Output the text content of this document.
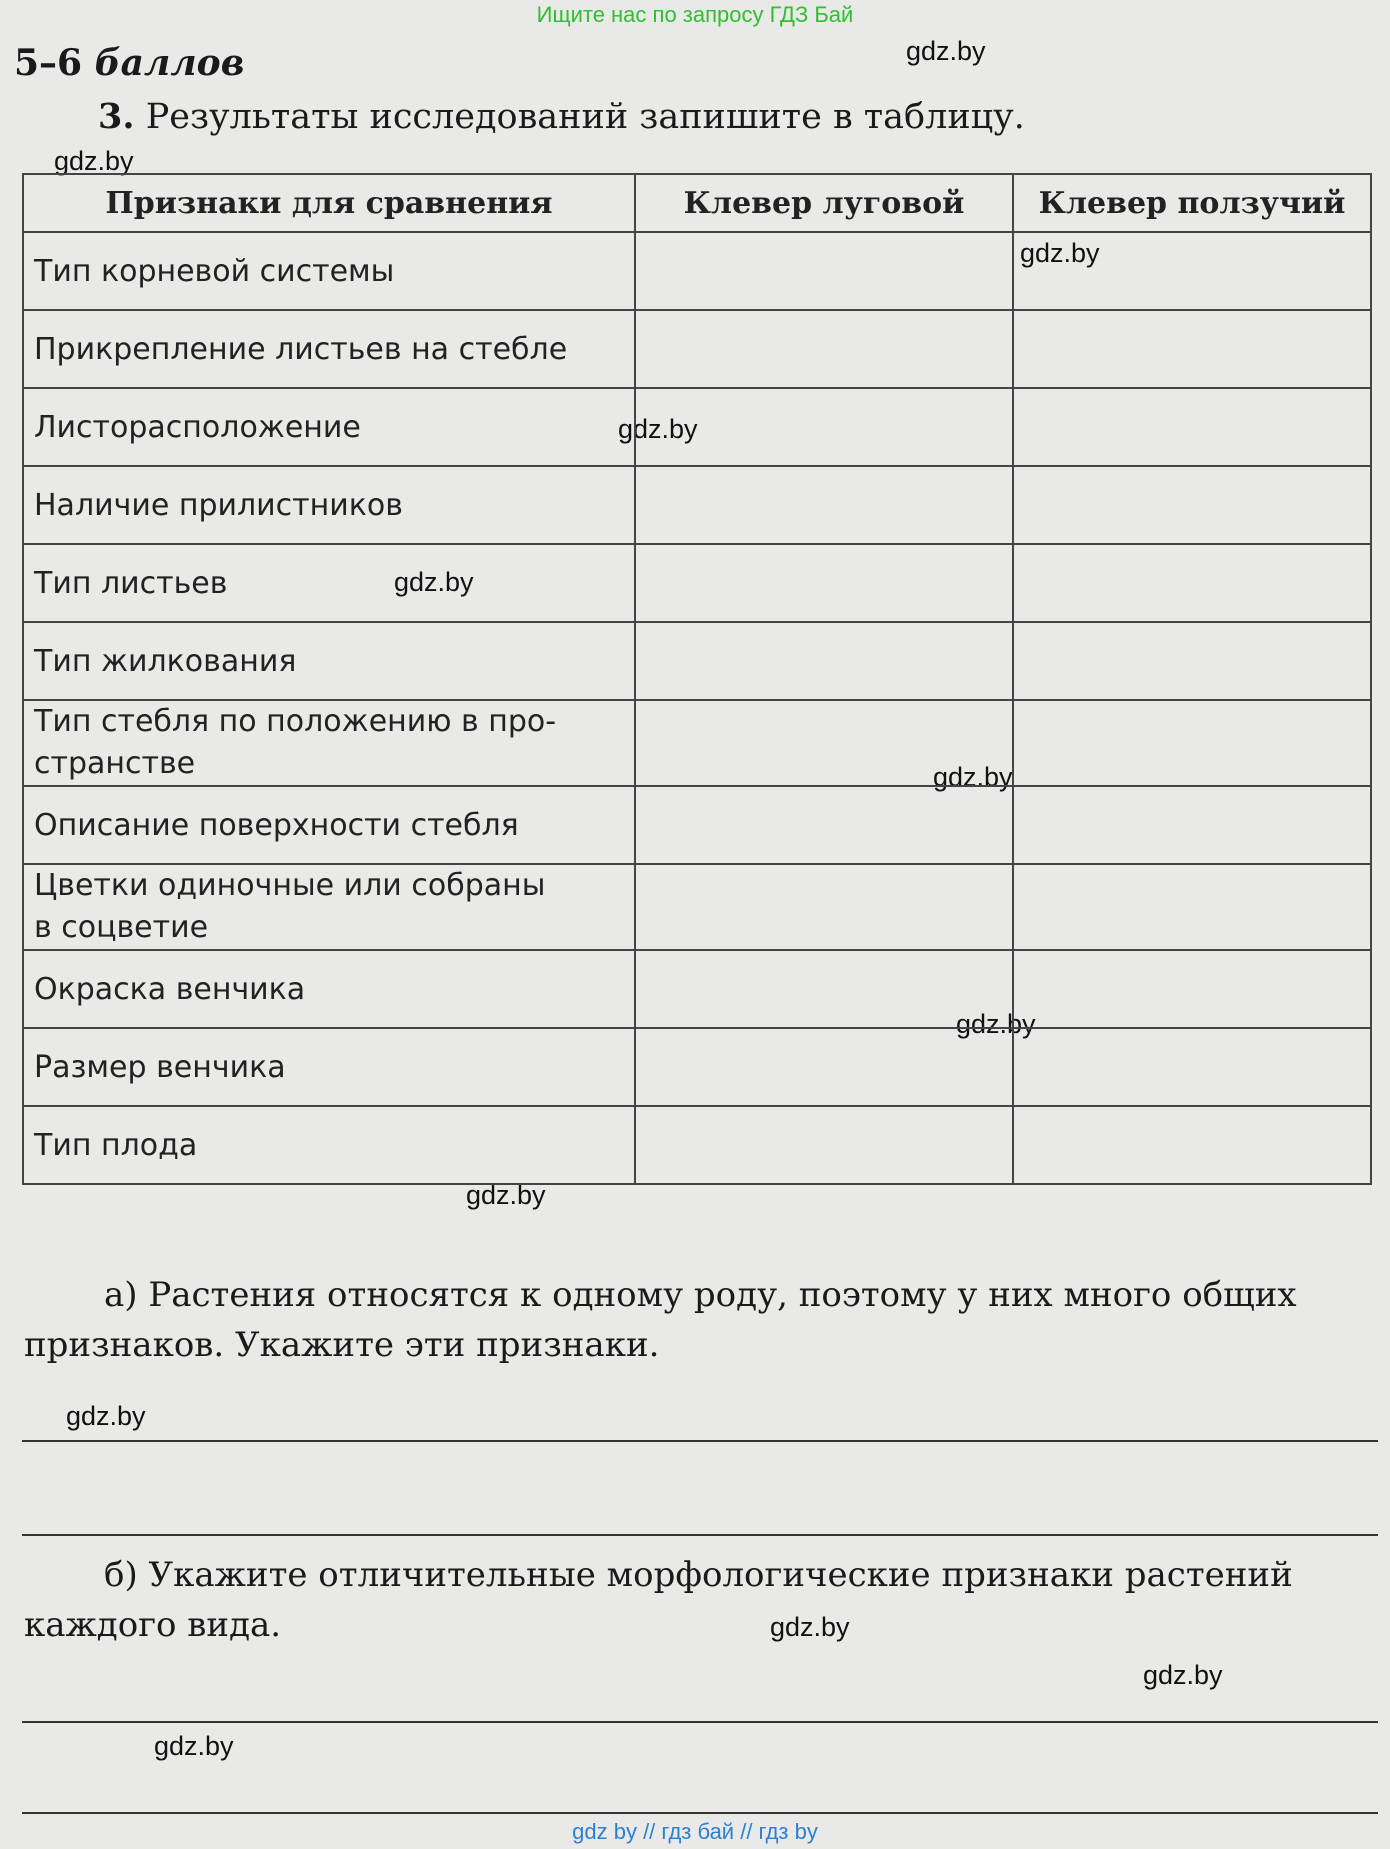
Ищите нас по запросу ГДЗ Бай
5–6 баллов
3. Результаты исследований запишите в таблицу.
gdz.by
gdz.by
gdz.by
gdz.by
gdz.by
gdz.by
gdz.by
gdz.by
gdz.by
gdz.by
gdz.by
gdz.by
Признаки для сравнения	Клевер луговой	Клевер ползучий
Тип корневой системы		
Прикрепление листьев на стебле		
Листорасположение		
Наличие прилистников		
Тип листьев		
Тип жилкования		
Тип стебля по положению в про-
странстве		
Описание поверхности стебля		
Цветки одиночные или собраны
в соцветие		
Окраска венчика		
Размер венчика		
Тип плода		
а) Растения относятся к одному роду, поэтому у них много общих признаков. Укажите эти признаки.
б) Укажите отличительные морфологические признаки растений каждого вида.
gdz by // гдз бай // гдз by
